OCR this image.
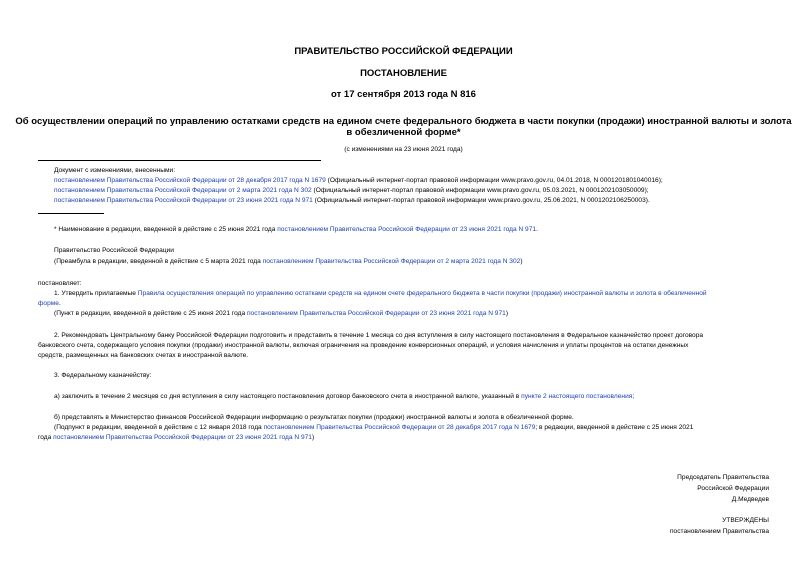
ПРАВИТЕЛЬСТВО РОССИЙСКОЙ ФЕДЕРАЦИИ
ПОСТАНОВЛЕНИЕ
от 17 сентября 2013 года N 816
Об осуществлении операций по управлению остатками средств на едином счете федерального бюджета в части покупки (продажи) иностранной валюты и золота
в обезличенной форме*
(с изменениями на 23 июня 2021 года)
Документ с изменениями, внесенными:
постановлением Правительства Российской Федерации от 28 декабря 2017 года N 1679 (Официальный интернет-портал правовой информации www.pravo.gov.ru, 04.01.2018, N 0001201801040016);
постановлением Правительства Российской Федерации от 2 марта 2021 года N 302 (Официальный интернет-портал правовой информации www.pravo.gov.ru, 05.03.2021, N 0001202103050009);
постановлением Правительства Российской Федерации от 23 июня 2021 года N 971 (Официальный интернет-портал правовой информации www.pravo.gov.ru, 25.06.2021, N 0001202106250003).
* Наименование в редакции, введенной в действие с 25 июня 2021 года постановлением Правительства Российской Федерации от 23 июня 2021 года N 971.
Правительство Российской Федерации
(Преамбула в редакции, введенной в действие с 5 марта 2021 года постановлением Правительства Российской Федерации от 2 марта 2021 года N 302)
постановляет:
1. Утвердить прилагаемые Правила осуществления операций по управлению остатками средств на едином счете федерального бюджета в части покупки (продажи) иностранной валюты и золота в обезличенной
форме.
(Пункт в редакции, введенной в действие с 25 июня 2021 года постановлением Правительства Российской Федерации от 23 июня 2021 года N 971)
2. Рекомендовать Центральному банку Российской Федерации подготовить и представить в течение 1 месяца со дня вступления в силу настоящего постановления в Федеральное казначейство проект договора
банковского счета, содержащего условия покупки (продажи) иностранной валюты, включая ограничения на проведение конверсионных операций, и условия начисления и уплаты процентов на остатки денежных
средств, размещенных на банковских счетах в иностранной валюте.
3. Федеральному казначейству:
а) заключить в течение 2 месяцев со дня вступления в силу настоящего постановления договор банковского счета в иностранной валюте, указанный в пункте 2 настоящего постановления;
б) представлять в Министерство финансов Российской Федерации информацию о результатах покупки (продажи) иностранной валюты и золота в обезличенной форме.
(Подпункт в редакции, введенной в действие с 12 января 2018 года постановлением Правительства Российской Федерации от 28 декабря 2017 года N 1679; в редакции, введенной в действие с 25 июня 2021
года постановлением Правительства Российской Федерации от 23 июня 2021 года N 971)
Председатель Правительства
Российской Федерации
Д.Медведев
УТВЕРЖДЕНЫ
постановлением Правительства
